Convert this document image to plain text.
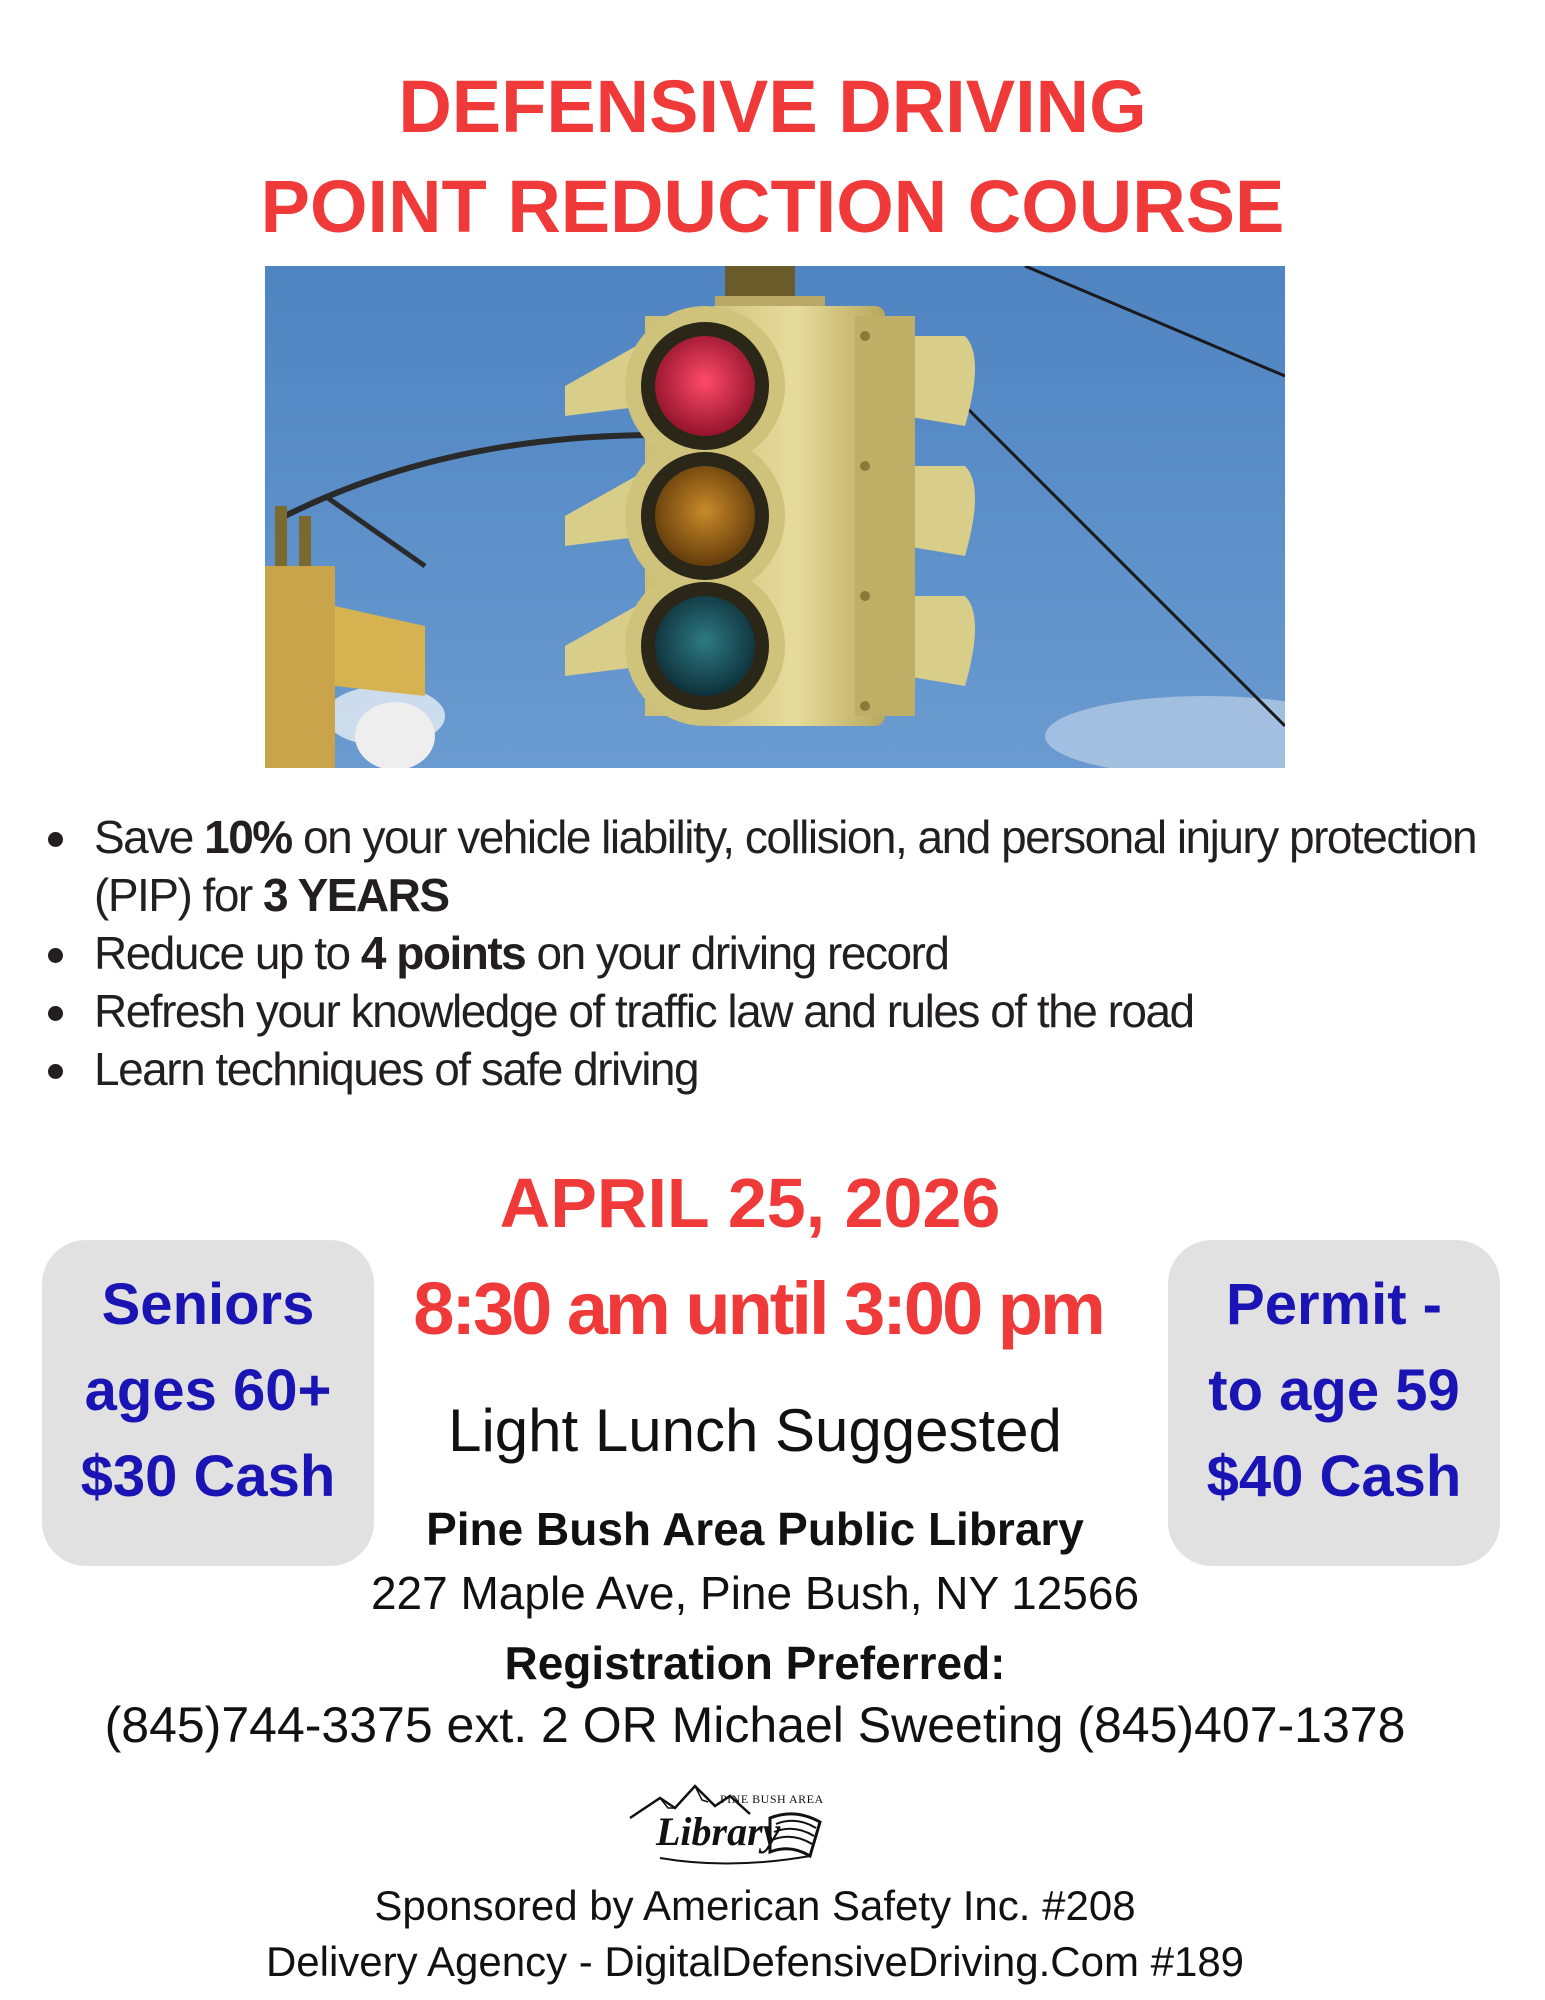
DEFENSIVE DRIVING
POINT REDUCTION COURSE
Save 10% on your vehicle liability, collision, and personal injury protection (PIP) for 3 YEARS
Reduce up to 4 points on your driving record
Refresh your knowledge of traffic law and rules of the road
Learn techniques of safe driving
APRIL 25, 2026
8:30 am until 3:00 pm
Seniors
ages 60+
$30 Cash
Permit -
to age 59
$40 Cash
Light Lunch Suggested
Pine Bush Area Public Library
227 Maple Ave, Pine Bush, NY 12566
Registration Preferred:
(845)744-3375 ext. 2 OR Michael Sweeting (845)407-1378
PINE BUSH AREA
Library
Sponsored by American Safety Inc. #208
Delivery Agency - DigitalDefensiveDriving.Com #189
